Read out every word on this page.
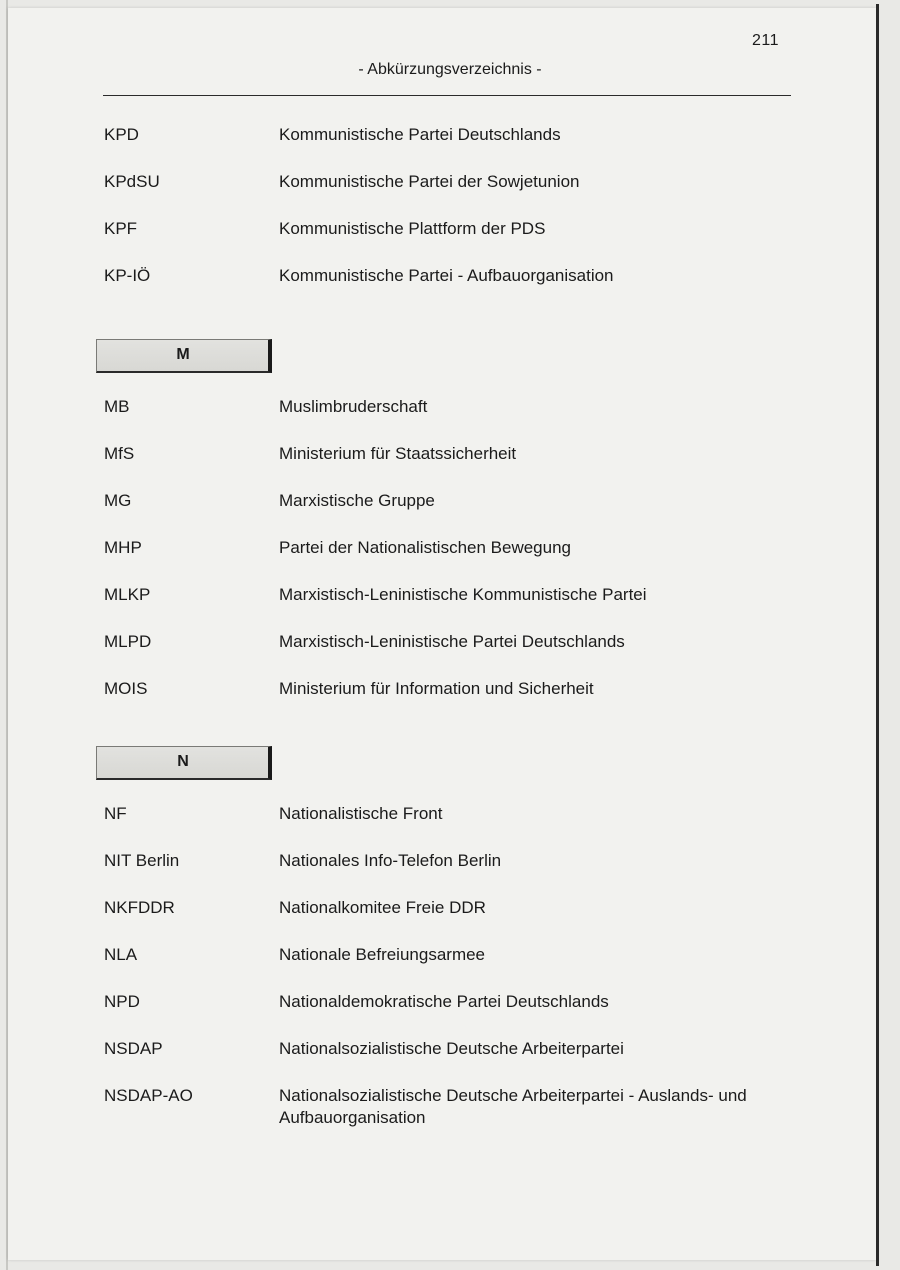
211
- Abkürzungsverzeichnis -
KPD	Kommunistische Partei Deutschlands
KPdSU	Kommunistische Partei der Sowjetunion
KPF	Kommunistische Plattform der PDS
KP-IÖ	Kommunistische Partei - Aufbauorganisation
M
MB	Muslimbruderschaft
MfS	Ministerium für Staatssicherheit
MG	Marxistische Gruppe
MHP	Partei der Nationalistischen Bewegung
MLKP	Marxistisch-Leninistische Kommunistische Partei
MLPD	Marxistisch-Leninistische Partei Deutschlands
MOIS	Ministerium für Information und Sicherheit
N
NF	Nationalistische Front
NIT Berlin	Nationales Info-Telefon Berlin
NKFDDR	Nationalkomitee Freie DDR
NLA	Nationale Befreiungsarmee
NPD	Nationaldemokratische Partei Deutschlands
NSDAP	Nationalsozialistische Deutsche Arbeiterpartei
NSDAP-AO	Nationalsozialistische Deutsche Arbeiterpartei - Auslands- und Aufbauorganisation
